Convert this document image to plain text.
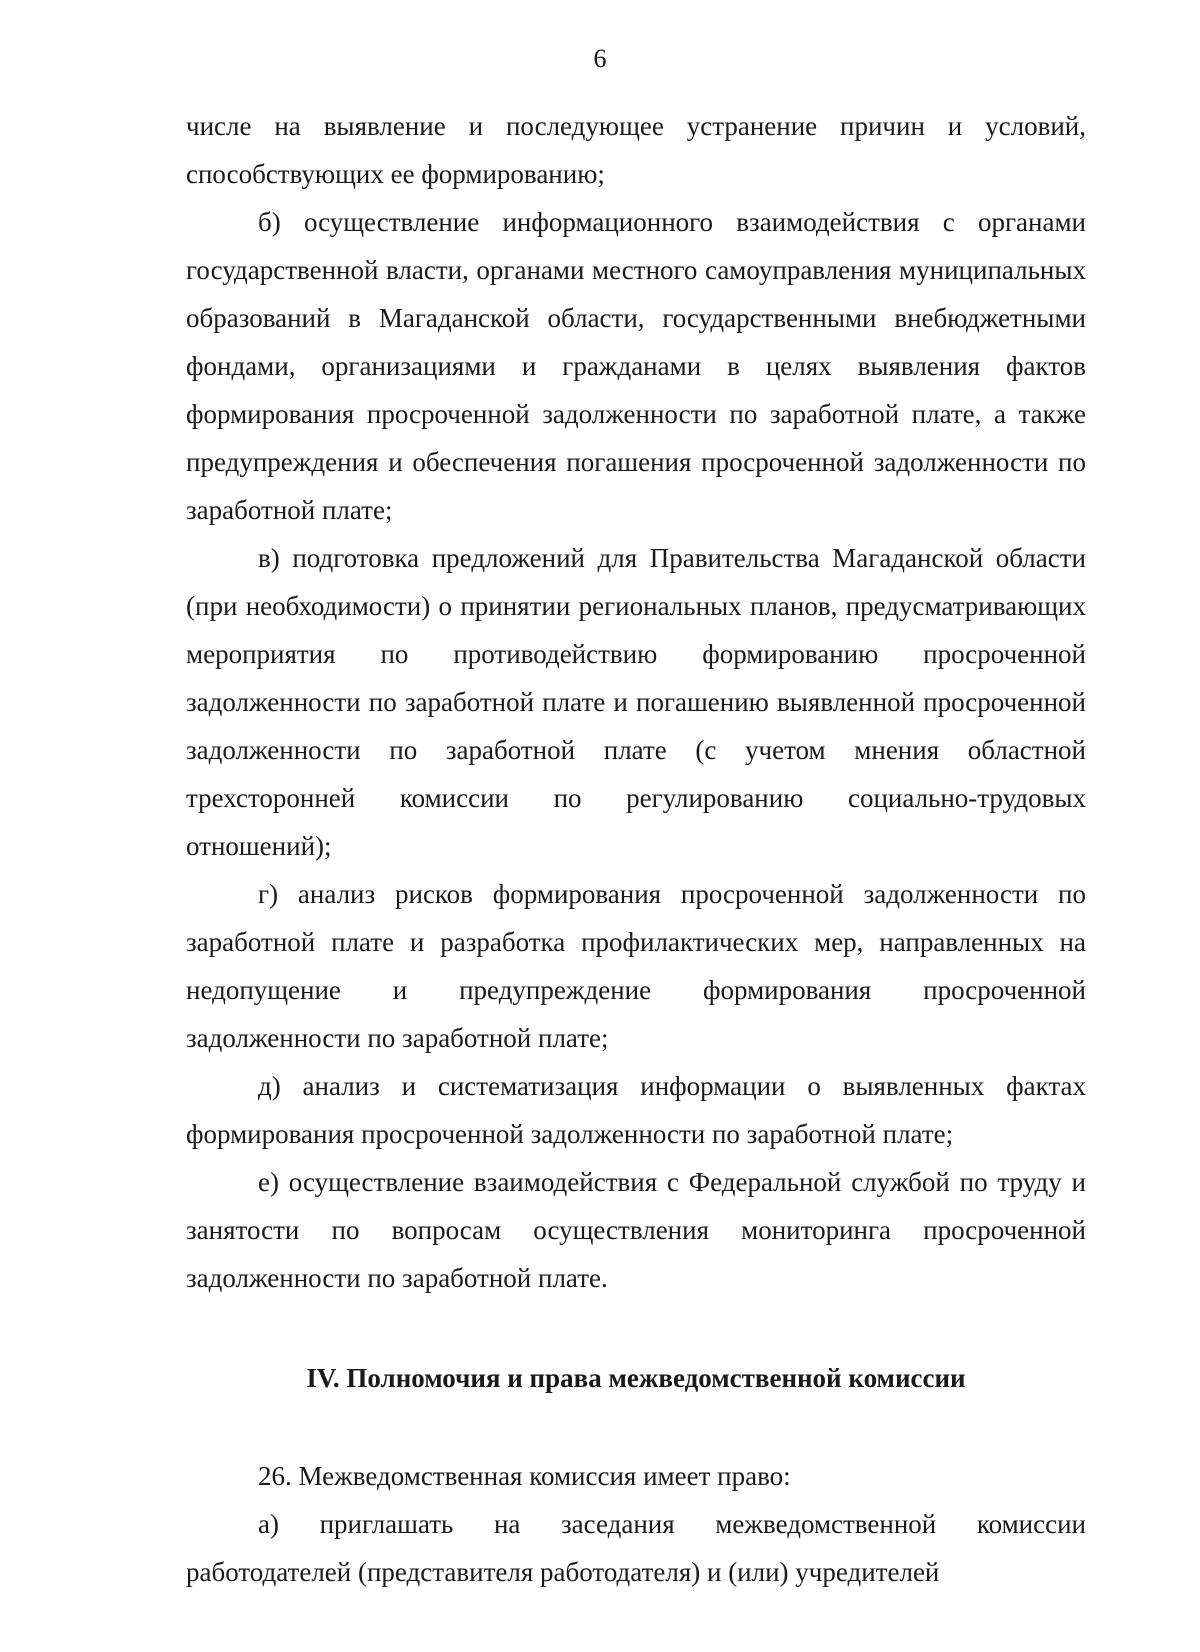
6

числе на выявление и последующее устранение причин и условий, способствующих ее формированию;

б) осуществление информационного взаимодействия с органами государственной власти, органами местного самоуправления муниципальных образований в Магаданской области, государственными внебюджетными фондами, организациями и гражданами в целях выявления фактов формирования просроченной задолженности по заработной плате, а также предупреждения и обеспечения погашения просроченной задолженности по заработной плате;

в) подготовка предложений для Правительства Магаданской области (при необходимости) о принятии региональных планов, предусматривающих мероприятия по противодействию формированию просроченной задолженности по заработной плате и погашению выявленной просроченной задолженности по заработной плате (с учетом мнения областной трехсторонней комиссии по регулированию социально-трудовых отношений);

г) анализ рисков формирования просроченной задолженности по заработной плате и разработка профилактических мер, направленных на недопущение и предупреждение формирования просроченной задолженности по заработной плате;

д) анализ и систематизация информации о выявленных фактах формирования просроченной задолженности по заработной плате;

е) осуществление взаимодействия с Федеральной службой по труду и занятости по вопросам осуществления мониторинга просроченной задолженности по заработной плате.

IV. Полномочия и права межведомственной комиссии

26. Межведомственная комиссия имеет право:

а) приглашать на заседания межведомственной комиссии работодателей (представителя работодателя) и (или) учредителей
